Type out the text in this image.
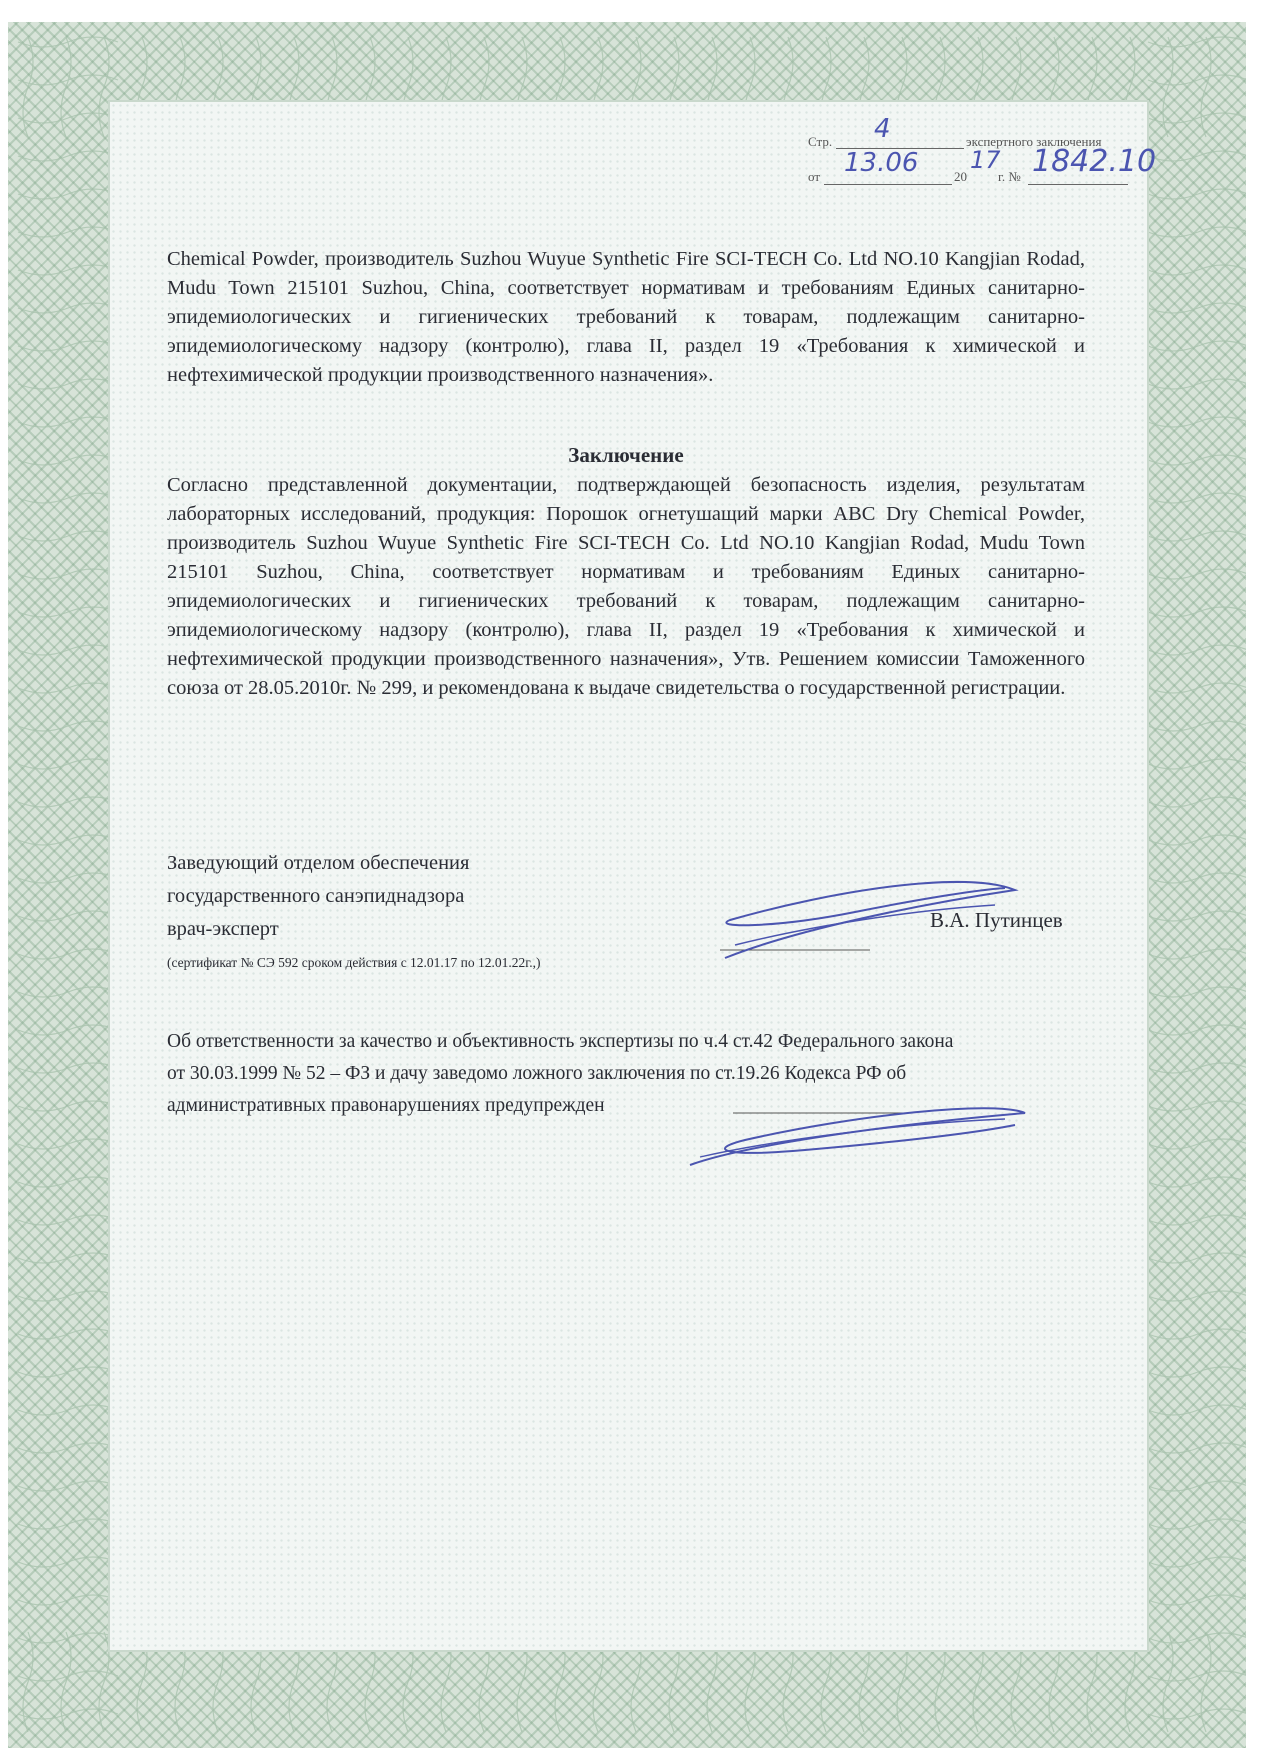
Стр. 4	экспертного заключения
от 13.06	20
17
г. № 1842.10

Chemical Powder, производитель Suzhou Wuyue Synthetic Fire SCI-TECH Co. Ltd NO.10 Kangjian Rodad, Mudu Town 215101 Suzhou, China, соответствует нормативам и требованиям Единых санитарно-эпидемиологических и гигиенических требований к товарам, подлежащим санитарно-эпидемиологическому надзору (контролю), глава II, раздел 19 «Требования к химической и нефтехимической продукции производственного назначения».

Заключение

Согласно представленной документации, подтверждающей безопасность изделия, результатам лабораторных исследований, продукция: Порошок огнетушащий марки ABC Dry Chemical Powder, производитель Suzhou Wuyue Synthetic Fire SCI-TECH Co. Ltd NO.10 Kangjian Rodad, Mudu Town 215101 Suzhou, China, соответствует нормативам и требованиям Единых санитарно-эпидемиологических и гигиенических требований к товарам, подлежащим санитарно-эпидемиологическому надзору (контролю), глава II, раздел 19 «Требования к химической и нефтехимической продукции производственного назначения», Утв. Решением комиссии Таможенного союза от 28.05.2010г. № 299, и рекомендована к выдаче свидетельства о государственной регистрации.

Заведующий отделом обеспечения
государственного санэпиднадзора
врач-эксперт
(сертификат № СЭ 592 сроком действия с 12.01.17 по 12.01.22г.,)
В.А. Путинцев
Об ответственности за качество и объективность экспертизы по ч.4 ст.42 Федерального закона
от 30.03.1999 № 52 – ФЗ и дачу заведомо ложного заключения по ст.19.26 Кодекса РФ об
административных правонарушениях предупрежден
